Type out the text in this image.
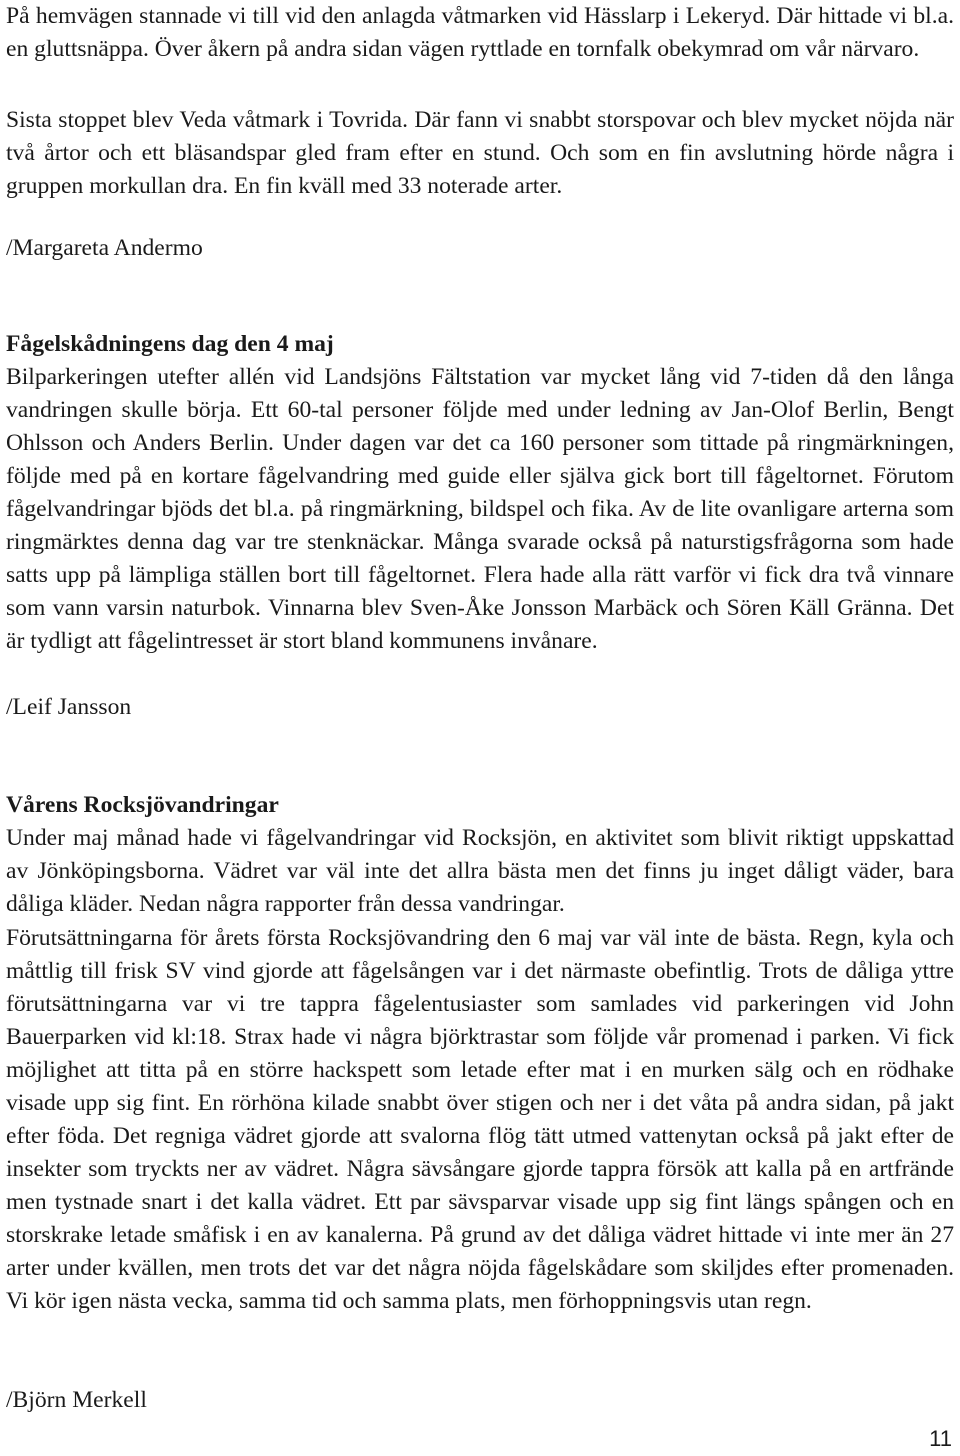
På hemvägen stannade vi till vid den anlagda våtmarken vid Hässlarp i Lekeryd. Där hittade vi bl.a. en gluttsnäppa. Över åkern på andra sidan vägen ryttlade en tornfalk obekymrad om vår närvaro.

Sista stoppet blev Veda våtmark i Tovrida. Där fann vi snabbt storspovar och blev mycket nöjda när två årtor och ett bläsandspar gled fram efter en stund. Och som en fin avslutning hörde några i gruppen morkullan dra. En fin kväll med 33 noterade arter.

/Margareta Andermo

Fågelskådningens dag den 4 maj

Bilparkeringen utefter allén vid Landsjöns Fältstation var mycket lång vid 7-tiden då den långa vandringen skulle börja. Ett 60-tal personer följde med under ledning av Jan-Olof Berlin, Bengt Ohlsson och Anders Berlin. Under dagen var det ca 160 personer som tittade på ringmärkningen, följde med på en kortare fågelvandring med guide eller själva gick bort till fågeltornet. Förutom fågelvandringar bjöds det bl.a. på ringmärkning, bildspel och fika. Av de lite ovanligare arterna som ringmärktes denna dag var tre stenknäckar. Många svarade också på naturstigsfrågorna som hade satts upp på lämpliga ställen bort till fågeltornet. Flera hade alla rätt varför vi fick dra två vinnare som vann varsin naturbok. Vinnarna blev Sven-Åke Jonsson Marbäck och Sören Käll Gränna. Det är tydligt att fågelintresset är stort bland kommunens invånare.

/Leif Jansson

Vårens Rocksjövandringar

Under maj månad hade vi fågelvandringar vid Rocksjön, en aktivitet som blivit riktigt uppskattad av Jönköpingsborna. Vädret var väl inte det allra bästa men det finns ju inget dåligt väder, bara dåliga kläder. Nedan några rapporter från dessa vandringar.

Förutsättningarna för årets första Rocksjövandring den 6 maj var väl inte de bästa. Regn, kyla och måttlig till frisk SV vind gjorde att fågelsången var i det närmaste obefintlig. Trots de dåliga yttre förutsättningarna var vi tre tappra fågelentusiaster som samlades vid parkeringen vid John Bauerparken vid kl:18. Strax hade vi några björktrastar som följde vår promenad i parken. Vi fick möjlighet att titta på en större hackspett som letade efter mat i en murken sälg och en rödhake visade upp sig fint. En rörhöna kilade snabbt över stigen och ner i det våta på andra sidan, på jakt efter föda. Det regniga vädret gjorde att svalorna flög tätt utmed vattenytan också på jakt efter de insekter som tryckts ner av vädret. Några sävsångare gjorde tappra försök att kalla på en artfrände men tystnade snart i det kalla vädret. Ett par sävsparvar visade upp sig fint längs spången och en storskrake letade småfisk i en av kanalerna. På grund av det dåliga vädret hittade vi inte mer än 27 arter under kvällen, men trots det var det några nöjda fågelskådare som skiljdes efter promenaden. Vi kör igen nästa vecka, samma tid och samma plats, men förhoppningsvis utan regn.

/Björn Merkell

11
